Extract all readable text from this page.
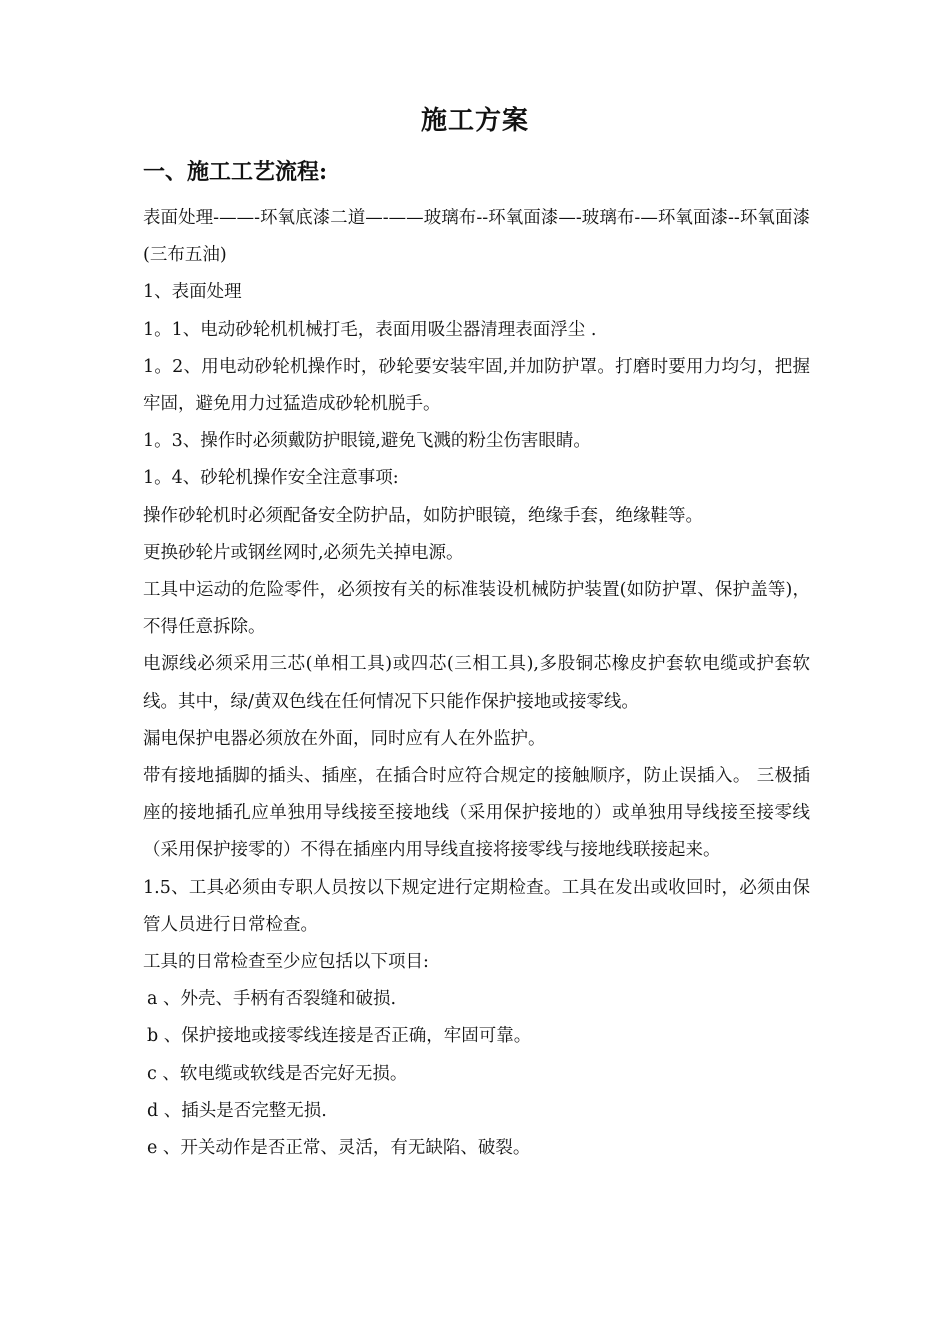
施工方案
一、施工工艺流程:

表面处理-——-环氧底漆二道—-——玻璃布--环氧面漆—-玻璃布-—环氧面漆--环氧面漆(三布五油)

1、表面处理

1。1、电动砂轮机机械打毛，表面用吸尘器清理表面浮尘 .

1。2、用电动砂轮机操作时，砂轮要安装牢固,并加防护罩。打磨时要用力均匀，把握牢固，避免用力过猛造成砂轮机脱手。

1。3、操作时必须戴防护眼镜,避免飞溅的粉尘伤害眼睛。

1。4、砂轮机操作安全注意事项:

操作砂轮机时必须配备安全防护品，如防护眼镜，绝缘手套，绝缘鞋等。

更换砂轮片或钢丝网时,必须先关掉电源。

工具中运动的危险零件，必须按有关的标准装设机械防护装置(如防护罩、保护盖等)，不得任意拆除。

电源线必须采用三芯(单相工具)或四芯(三相工具),多股铜芯橡皮护套软电缆或护套软线。其中，绿/黄双色线在任何情况下只能作保护接地或接零线。

漏电保护电器必须放在外面，同时应有人在外监护。

带有接地插脚的插头、插座，在插合时应符合规定的接触顺序，防止误插入。 三极插座的接地插孔应单独用导线接至接地线（采用保护接地的）或单独用导线接至接零线（采用保护接零的）不得在插座内用导线直接将接零线与接地线联接起来。

1.5、工具必须由专职人员按以下规定进行定期检查。工具在发出或收回时，必须由保管人员进行日常检查。

工具的日常检查至少应包括以下项目:

a 、外壳、手柄有否裂缝和破损.

b 、保护接地或接零线连接是否正确，牢固可靠。

c 、软电缆或软线是否完好无损。

d 、插头是否完整无损.

e 、开关动作是否正常、灵活，有无缺陷、破裂。
